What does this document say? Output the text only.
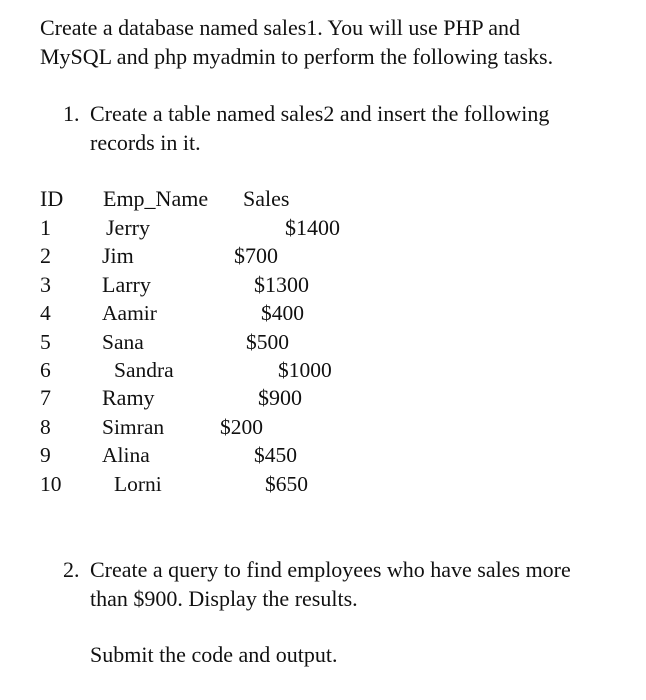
Create a database named sales1. You will use PHP and
MySQL and php myadmin to perform the following tasks.
1. Create a table named sales2 and insert the following
records in it.
ID Emp_Name Sales
1	Jerry	$1400
2 Jim	$700
3 Larry	$1300
4 Aamir	$400
5 Sana	$500
6	Sandra	$1000
7 Ramy	$900
8 Simran	$200
9 Alina	$450
10 Lorni	$650
2. Create a query to find employees who have sales more
than $900. Display the results.
Submit the code and output.
